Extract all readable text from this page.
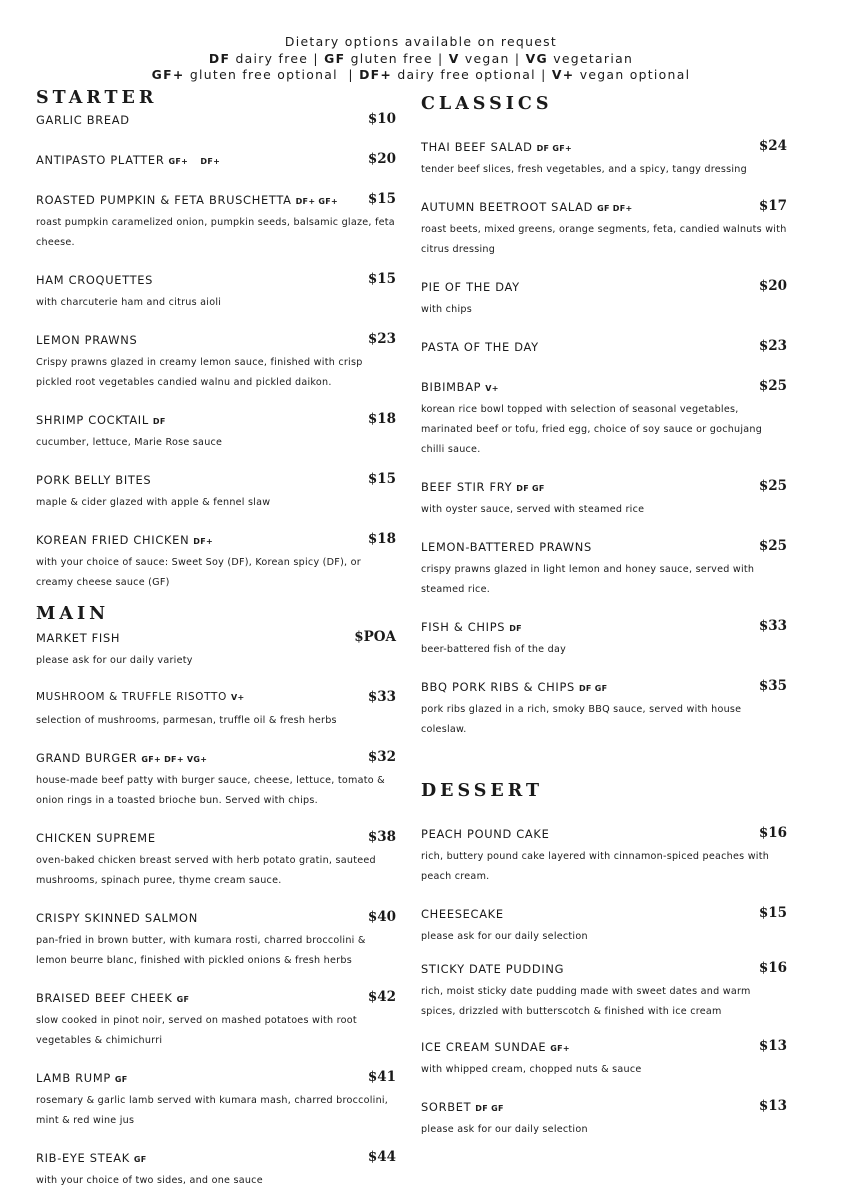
Dietary options available on request
DF dairy free | GF gluten free | V vegan | VG vegetarian
GF+ gluten free optional  | DF+ dairy free optional | V+ vegan optional
STARTER
GARLIC BREAD	$10
ANTIPASTO PLATTER GF+    DF+	$20
ROASTED PUMPKIN & FETA BRUSCHETTA DF+ GF+ $15
roast pumpkin caramelized onion, pumpkin seeds, balsamic glaze, feta cheese.
HAM CROQUETTES	$15
with charcuterie ham and citrus aioli
LEMON PRAWNS	$23
Crispy prawns glazed in creamy lemon sauce, finished with crisp pickled root vegetables candied walnu and pickled daikon.
SHRIMP COCKTAIL DF	$18
cucumber, lettuce, Marie Rose sauce
PORK BELLY BITES	$15
maple & cider glazed with apple & fennel slaw
KOREAN FRIED CHICKEN DF+	$18
with your choice of sauce: Sweet Soy (DF), Korean spicy (DF), or creamy cheese sauce (GF)
MAIN
MARKET FISH	$POA
please ask for our daily variety
MUSHROOM & TRUFFLE RISOTTO V+	$33
selection of mushrooms, parmesan, truffle oil & fresh herbs
GRAND BURGER GF+ DF+ VG+	$32
house-made beef patty with burger sauce, cheese, lettuce, tomato & onion rings in a toasted brioche bun. Served with chips.
CHICKEN SUPREME	$38
oven-baked chicken breast served with herb potato gratin, sauteed mushrooms, spinach puree, thyme cream sauce.
CRISPY SKINNED SALMON	$40
pan-fried in brown butter, with kumara rosti, charred broccolini & lemon beurre blanc, finished with pickled onions & fresh herbs
BRAISED BEEF CHEEK GF	$42
slow cooked in pinot noir, served on mashed potatoes with root vegetables & chimichurri
LAMB RUMP GF	$41
rosemary & garlic lamb served with kumara mash, charred broccolini, mint & red wine jus
RIB-EYE STEAK GF	$44
with your choice of two sides, and one sauce
CLASSICS
THAI BEEF SALAD DF GF+	$24
tender beef slices, fresh vegetables, and a spicy, tangy dressing
AUTUMN BEETROOT SALAD GF DF+	$17
roast beets, mixed greens, orange segments, feta, candied walnuts with citrus dressing
PIE OF THE DAY	$20
with chips
PASTA OF THE DAY	$23
BIBIMBAP V+	$25
korean rice bowl topped with selection of seasonal vegetables, marinated beef or tofu, fried egg, choice of soy sauce or gochujang chilli sauce.
BEEF STIR FRY DF GF	$25
with oyster sauce, served with steamed rice
LEMON-BATTERED PRAWNS	$25
crispy prawns glazed in light lemon and honey sauce, served with steamed rice.
FISH & CHIPS DF	$33
beer-battered fish of the day
BBQ PORK RIBS & CHIPS DF GF	$35
pork ribs glazed in a rich, smoky BBQ sauce, served with house coleslaw.
DESSERT
PEACH POUND CAKE	$16
rich, buttery pound cake layered with cinnamon-spiced peaches with peach cream.
CHEESECAKE	$15
please ask for our daily selection
STICKY DATE PUDDING	$16
rich, moist sticky date pudding made with sweet dates and warm spices, drizzled with butterscotch & finished with ice cream
ICE CREAM SUNDAE GF+	$13
with whipped cream, chopped nuts & sauce
SORBET DF GF	$13
please ask for our daily selection
